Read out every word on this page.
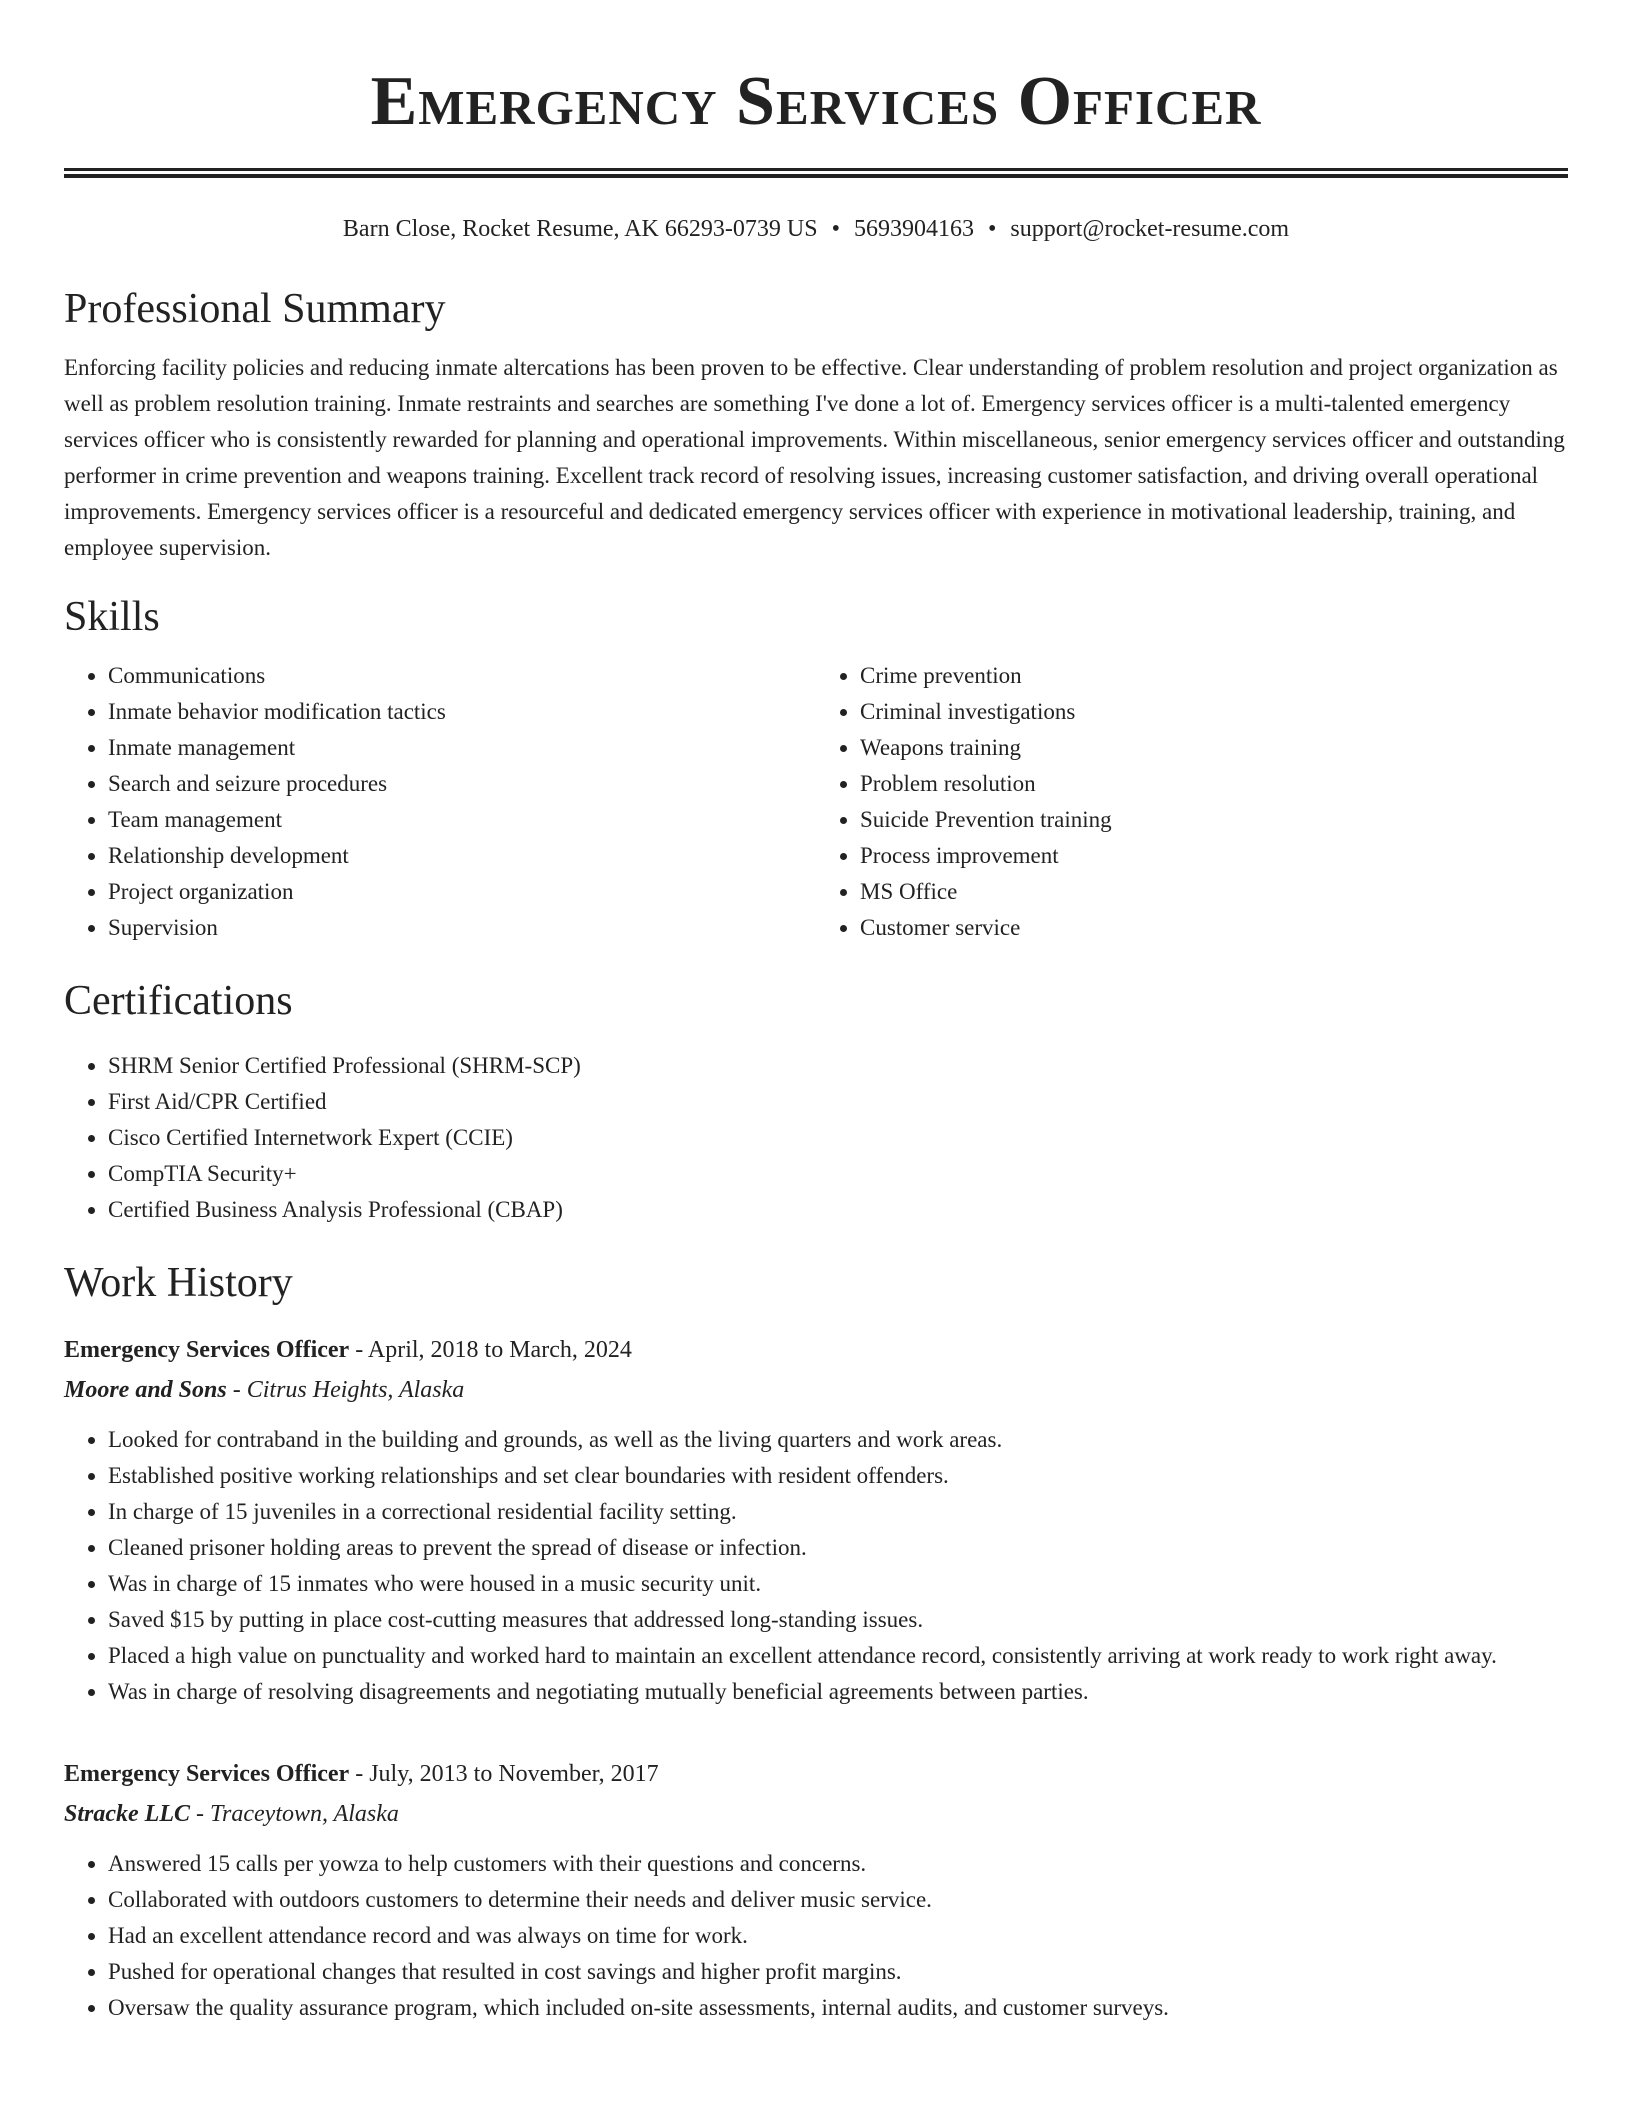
Emergency Services Officer
Barn Close, Rocket Resume, AK 66293-0739 US • 5693904163 • support@rocket-resume.com
Professional Summary

Enforcing facility policies and reducing inmate altercations has been proven to be effective. Clear understanding of problem resolution and project organization as well as problem resolution training. Inmate restraints and searches are something I've done a lot of. Emergency services officer is a multi-talented emergency services officer who is consistently rewarded for planning and operational improvements. Within miscellaneous, senior emergency services officer and outstanding performer in crime prevention and weapons training. Excellent track record of resolving issues, increasing customer satisfaction, and driving overall operational improvements. Emergency services officer is a resourceful and dedicated emergency services officer with experience in motivational leadership, training, and employee supervision.

Skills
• Communications
• Inmate behavior modification tactics
• Inmate management
• Search and seizure procedures
• Team management
• Relationship development
• Project organization
• Supervision
• Crime prevention
• Criminal investigations
• Weapons training
• Problem resolution
• Suicide Prevention training
• Process improvement
• MS Office
• Customer service
Certifications
• SHRM Senior Certified Professional (SHRM-SCP)
• First Aid/CPR Certified
• Cisco Certified Internetwork Expert (CCIE)
• CompTIA Security+
• Certified Business Analysis Professional (CBAP)
Work History
Emergency Services Officer - April, 2018 to March, 2024
Moore and Sons - Citrus Heights, Alaska
• Looked for contraband in the building and grounds, as well as the living quarters and work areas.
• Established positive working relationships and set clear boundaries with resident offenders.
• In charge of 15 juveniles in a correctional residential facility setting.
• Cleaned prisoner holding areas to prevent the spread of disease or infection.
• Was in charge of 15 inmates who were housed in a music security unit.
• Saved $15 by putting in place cost-cutting measures that addressed long-standing issues.
• Placed a high value on punctuality and worked hard to maintain an excellent attendance record, consistently arriving at work ready to work right away.
• Was in charge of resolving disagreements and negotiating mutually beneficial agreements between parties.
Emergency Services Officer - July, 2013 to November, 2017
Stracke LLC - Traceytown, Alaska
• Answered 15 calls per yowza to help customers with their questions and concerns.
• Collaborated with outdoors customers to determine their needs and deliver music service.
• Had an excellent attendance record and was always on time for work.
• Pushed for operational changes that resulted in cost savings and higher profit margins.
• Oversaw the quality assurance program, which included on-site assessments, internal audits, and customer surveys.
